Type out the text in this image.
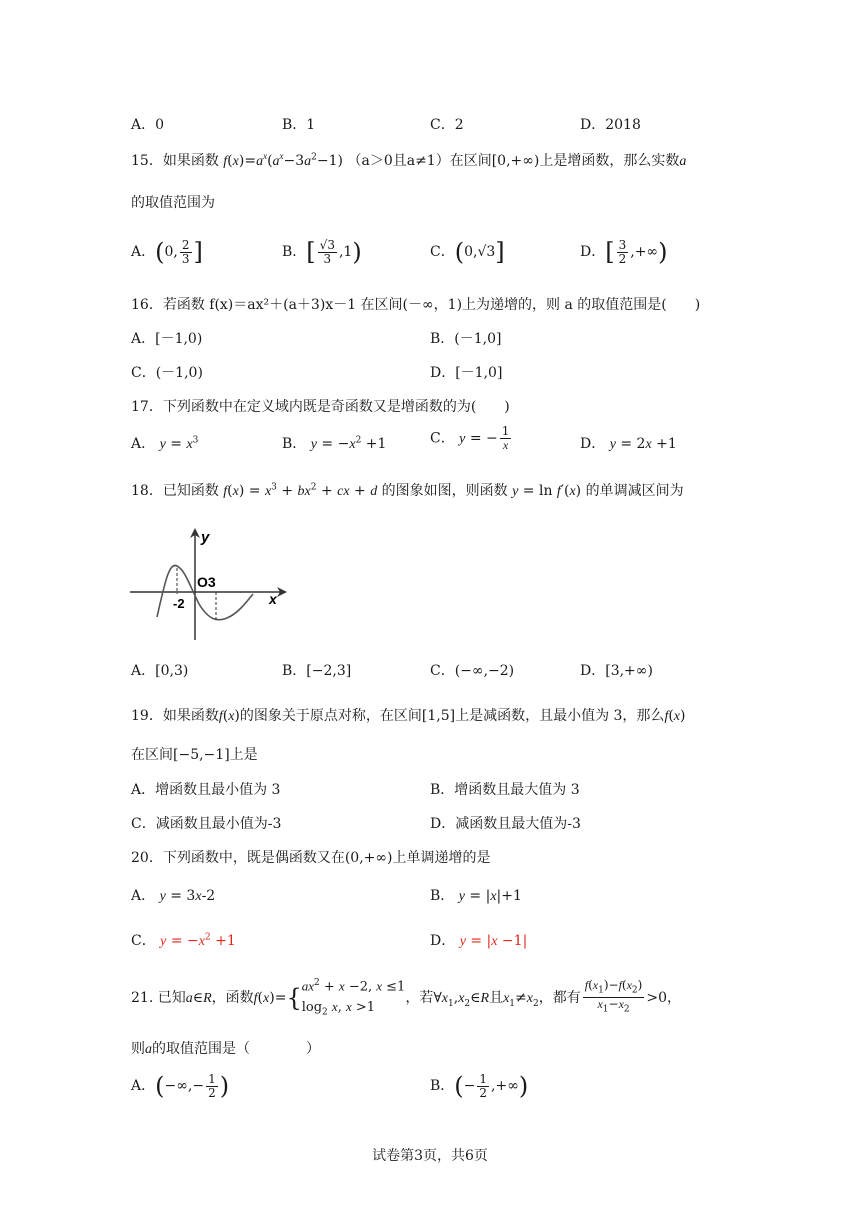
A．0	B．1	C．2	D．2018
15．如果函数 $f(x)=a^x(a^x-3a^2-1)$ （a＞0且a≠1）在区间[0,+∞)上是增函数，那么实数a
的取值范围为
A．(0, $\frac{2}{3}$ ]	B．[ $\frac{√3}{3} ,1$)	C．(0,√3]	D．[ $\frac{3}{2}$ ,+∞)
16．若函数 f(x)＝ax²＋(a＋3)x－1 在区间(－∞，1)上为递增的，则 a 的取值范围是(　　)
A．[－1,0)	B．(－1,0]
C．(－1,0)	D．[－1,0]
17．下列函数中在定义域内既是奇函数又是增函数的为(　　)
A． $y = x^3$	B． $y = -x^2 +1$	C． y = − $\frac{1}{x}$	D． y = 2x +1
18．已知函数 $f(x) = x^3 + bx^2$ + cx + d 的图象如图，则函数 y = ln f′(x) 的单调减区间为
y
x
O3
-2
A．[0,3)	B．[−2,3]	C．(−∞,−2)	D．[3,+∞)
19．如果函数f(x)的图象关于原点对称，在区间[1,5]上是减函数，且最小值为 3，那么f(x)
在区间[−5,−1]上是
A．增函数且最小值为 3	B．增函数且最大值为 3
C．减函数且最小值为-3	D．减函数且最大值为-3
20．下列函数中，既是偶函数又在(0,+∞)上单调递增的是
A． y = 3x-2	B． y = |x|+1
C． $y = -x^2 +1$	D． y = |x −1|
21. 已知a∈R，函数$f(x)=\{ax^2 + x -2$, x ≤1
$\log_2 x$, x >1，若$\forall x_1,x_2\in R$且$x_1\ne x_2$，都有 $\frac{f(x_1)-f(x_2)}{x_1-x_2} >0$，
则a的取值范围是（　　　　）
A．(−∞,− $\frac{1}{2}$ )	B．(− $\frac{1}{2}$ ,+∞)
试卷第3页，共6页
